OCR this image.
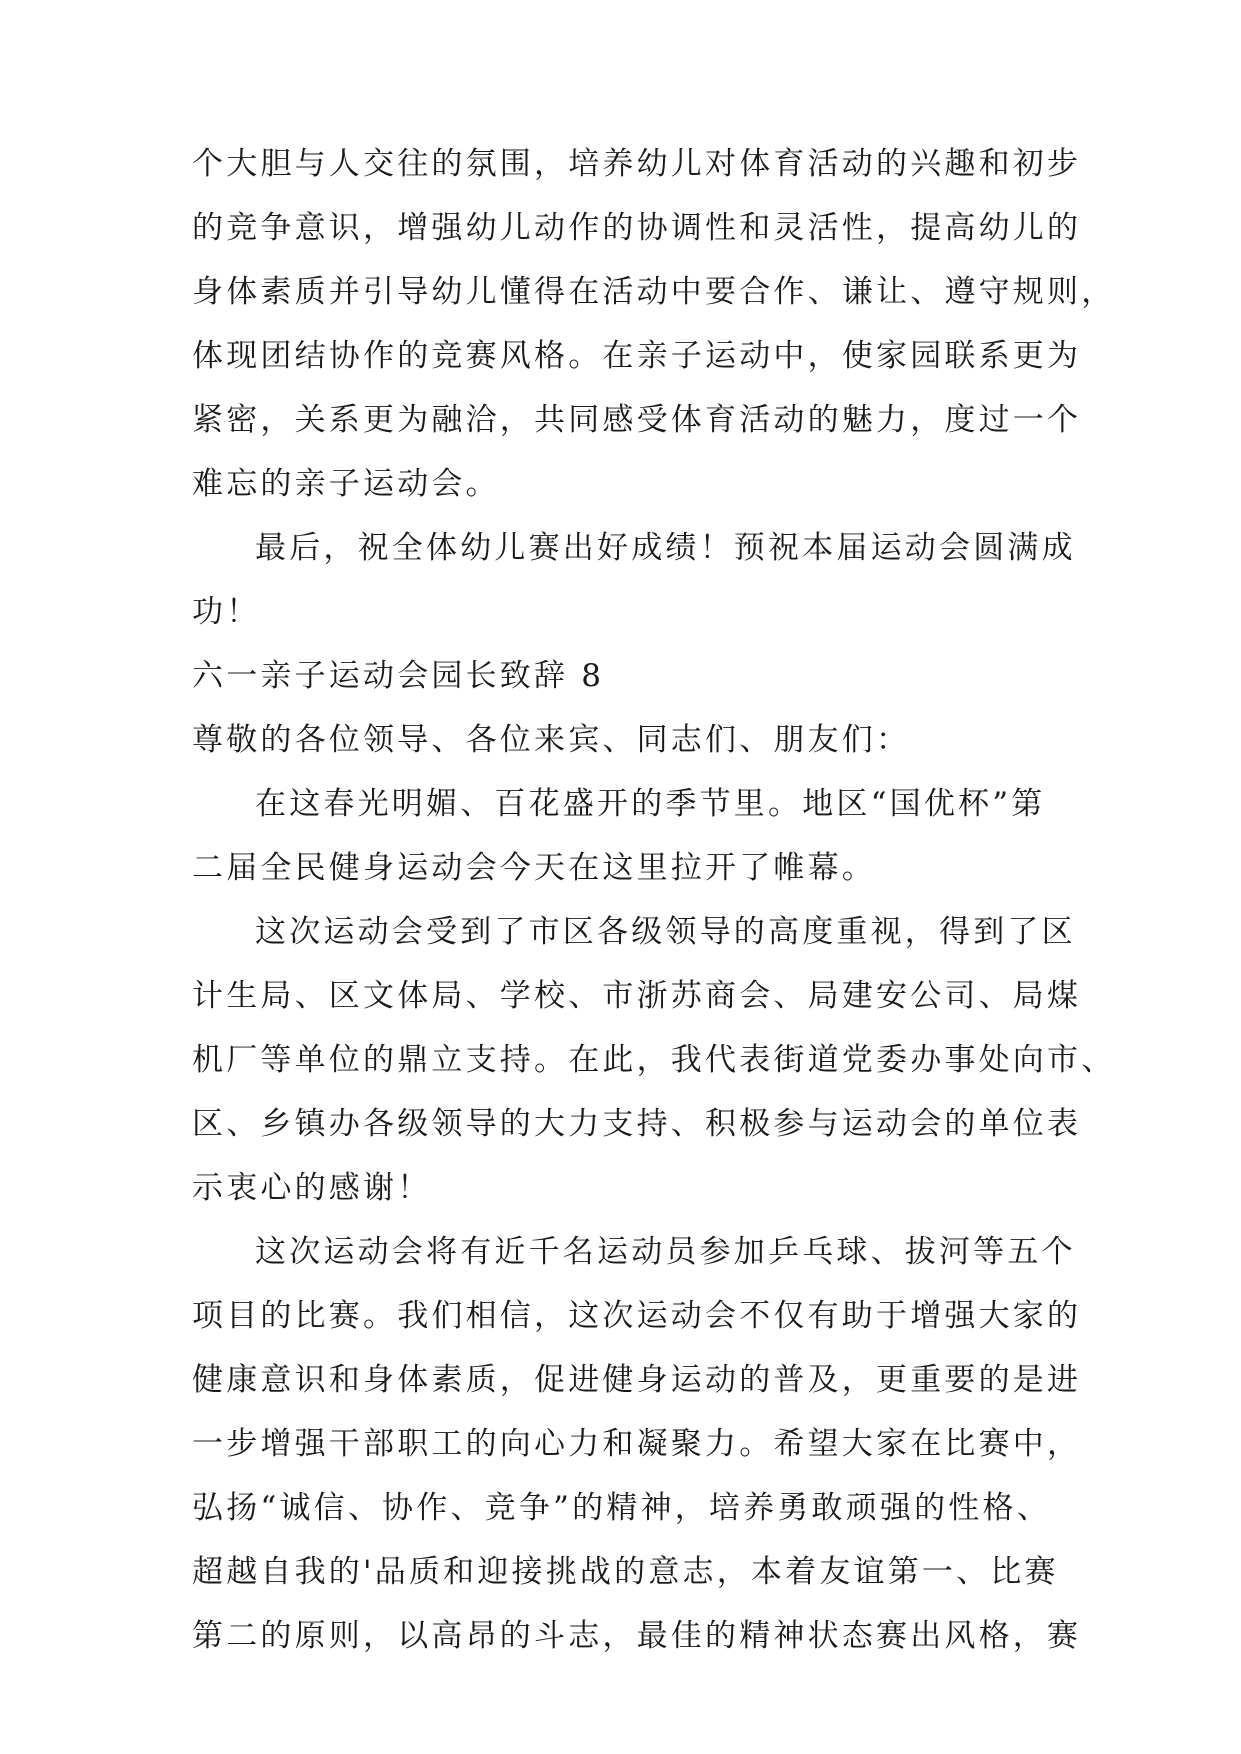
个大胆与人交往的氛围，培养幼儿对体育活动的兴趣和初步
的竞争意识，增强幼儿动作的协调性和灵活性，提高幼儿的
身体素质并引导幼儿懂得在活动中要合作、谦让、遵守规则，
体现团结协作的竞赛风格。在亲子运动中，使家园联系更为
紧密，关系更为融洽，共同感受体育活动的魅力，度过一个
难忘的亲子运动会。
最后，祝全体幼儿赛出好成绩！预祝本届运动会圆满成
功！
六一亲子运动会园长致辞 8
尊敬的各位领导、各位来宾、同志们、朋友们：
在这春光明媚、百花盛开的季节里。地区“国优杯”第
二届全民健身运动会今天在这里拉开了帷幕。
这次运动会受到了市区各级领导的高度重视，得到了区
计生局、区文体局、学校、市浙苏商会、局建安公司、局煤
机厂等单位的鼎立支持。在此，我代表街道党委办事处向市、
区、乡镇办各级领导的大力支持、积极参与运动会的单位表
示衷心的感谢！
这次运动会将有近千名运动员参加乒乓球、拔河等五个
项目的比赛。我们相信，这次运动会不仅有助于增强大家的
健康意识和身体素质，促进健身运动的普及，更重要的是进
一步增强干部职工的向心力和凝聚力。希望大家在比赛中，
弘扬“诚信、协作、竞争”的精神，培养勇敢顽强的性格、
超越自我的'品质和迎接挑战的意志，本着友谊第一、比赛
第二的原则，以高昂的斗志，最佳的精神状态赛出风格，赛
